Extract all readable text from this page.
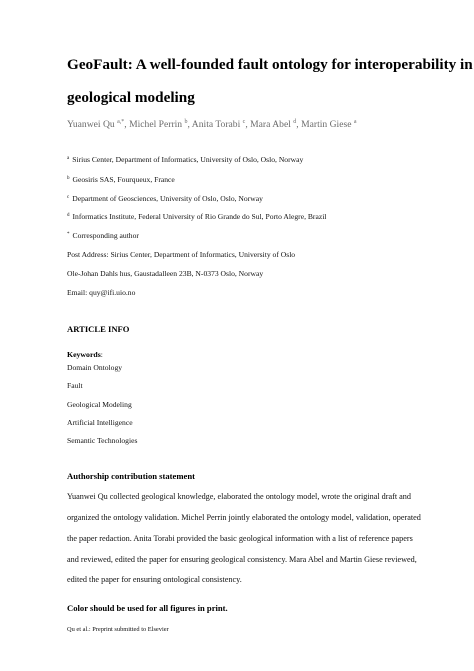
GeoFault: A well-founded fault ontology for interoperability in
geological modeling
Yuanwei Qu $^{a,*}$, Michel Perrin $^b$, Anita Torabi $^c$, Mara Abel $^d$, Martin Giese $^a$
$^a$ Sirius Center, Department of Informatics, University of Oslo, Oslo, Norway
$^b$ Geosiris SAS, Fourqueux, France
$^c$ Department of Geosciences, University of Oslo, Oslo, Norway
$^d$ Informatics Institute, Federal University of Rio Grande do Sul, Porto Alegre, Brazil
* Corresponding author
Post Address: Sirius Center, Department of Informatics, University of Oslo
Ole-Johan Dahls hus, Gaustadalleen 23B, N-0373 Oslo, Norway
Email: quy@ifi.uio.no
ARTICLE INFO
Keywords:
Domain Ontology
Fault
Geological Modeling
Artificial Intelligence
Semantic Technologies
Authorship contribution statement
Yuanwei Qu collected geological knowledge, elaborated the ontology model, wrote the original draft and
organized the ontology validation. Michel Perrin jointly elaborated the ontology model, validation, operated
the paper redaction. Anita Torabi provided the basic geological information with a list of reference papers
and reviewed, edited the paper for ensuring geological consistency. Mara Abel and Martin Giese reviewed,
edited the paper for ensuring ontological consistency.
Color should be used for all figures in print.
Qu et al.: Preprint submitted to Elsevier
